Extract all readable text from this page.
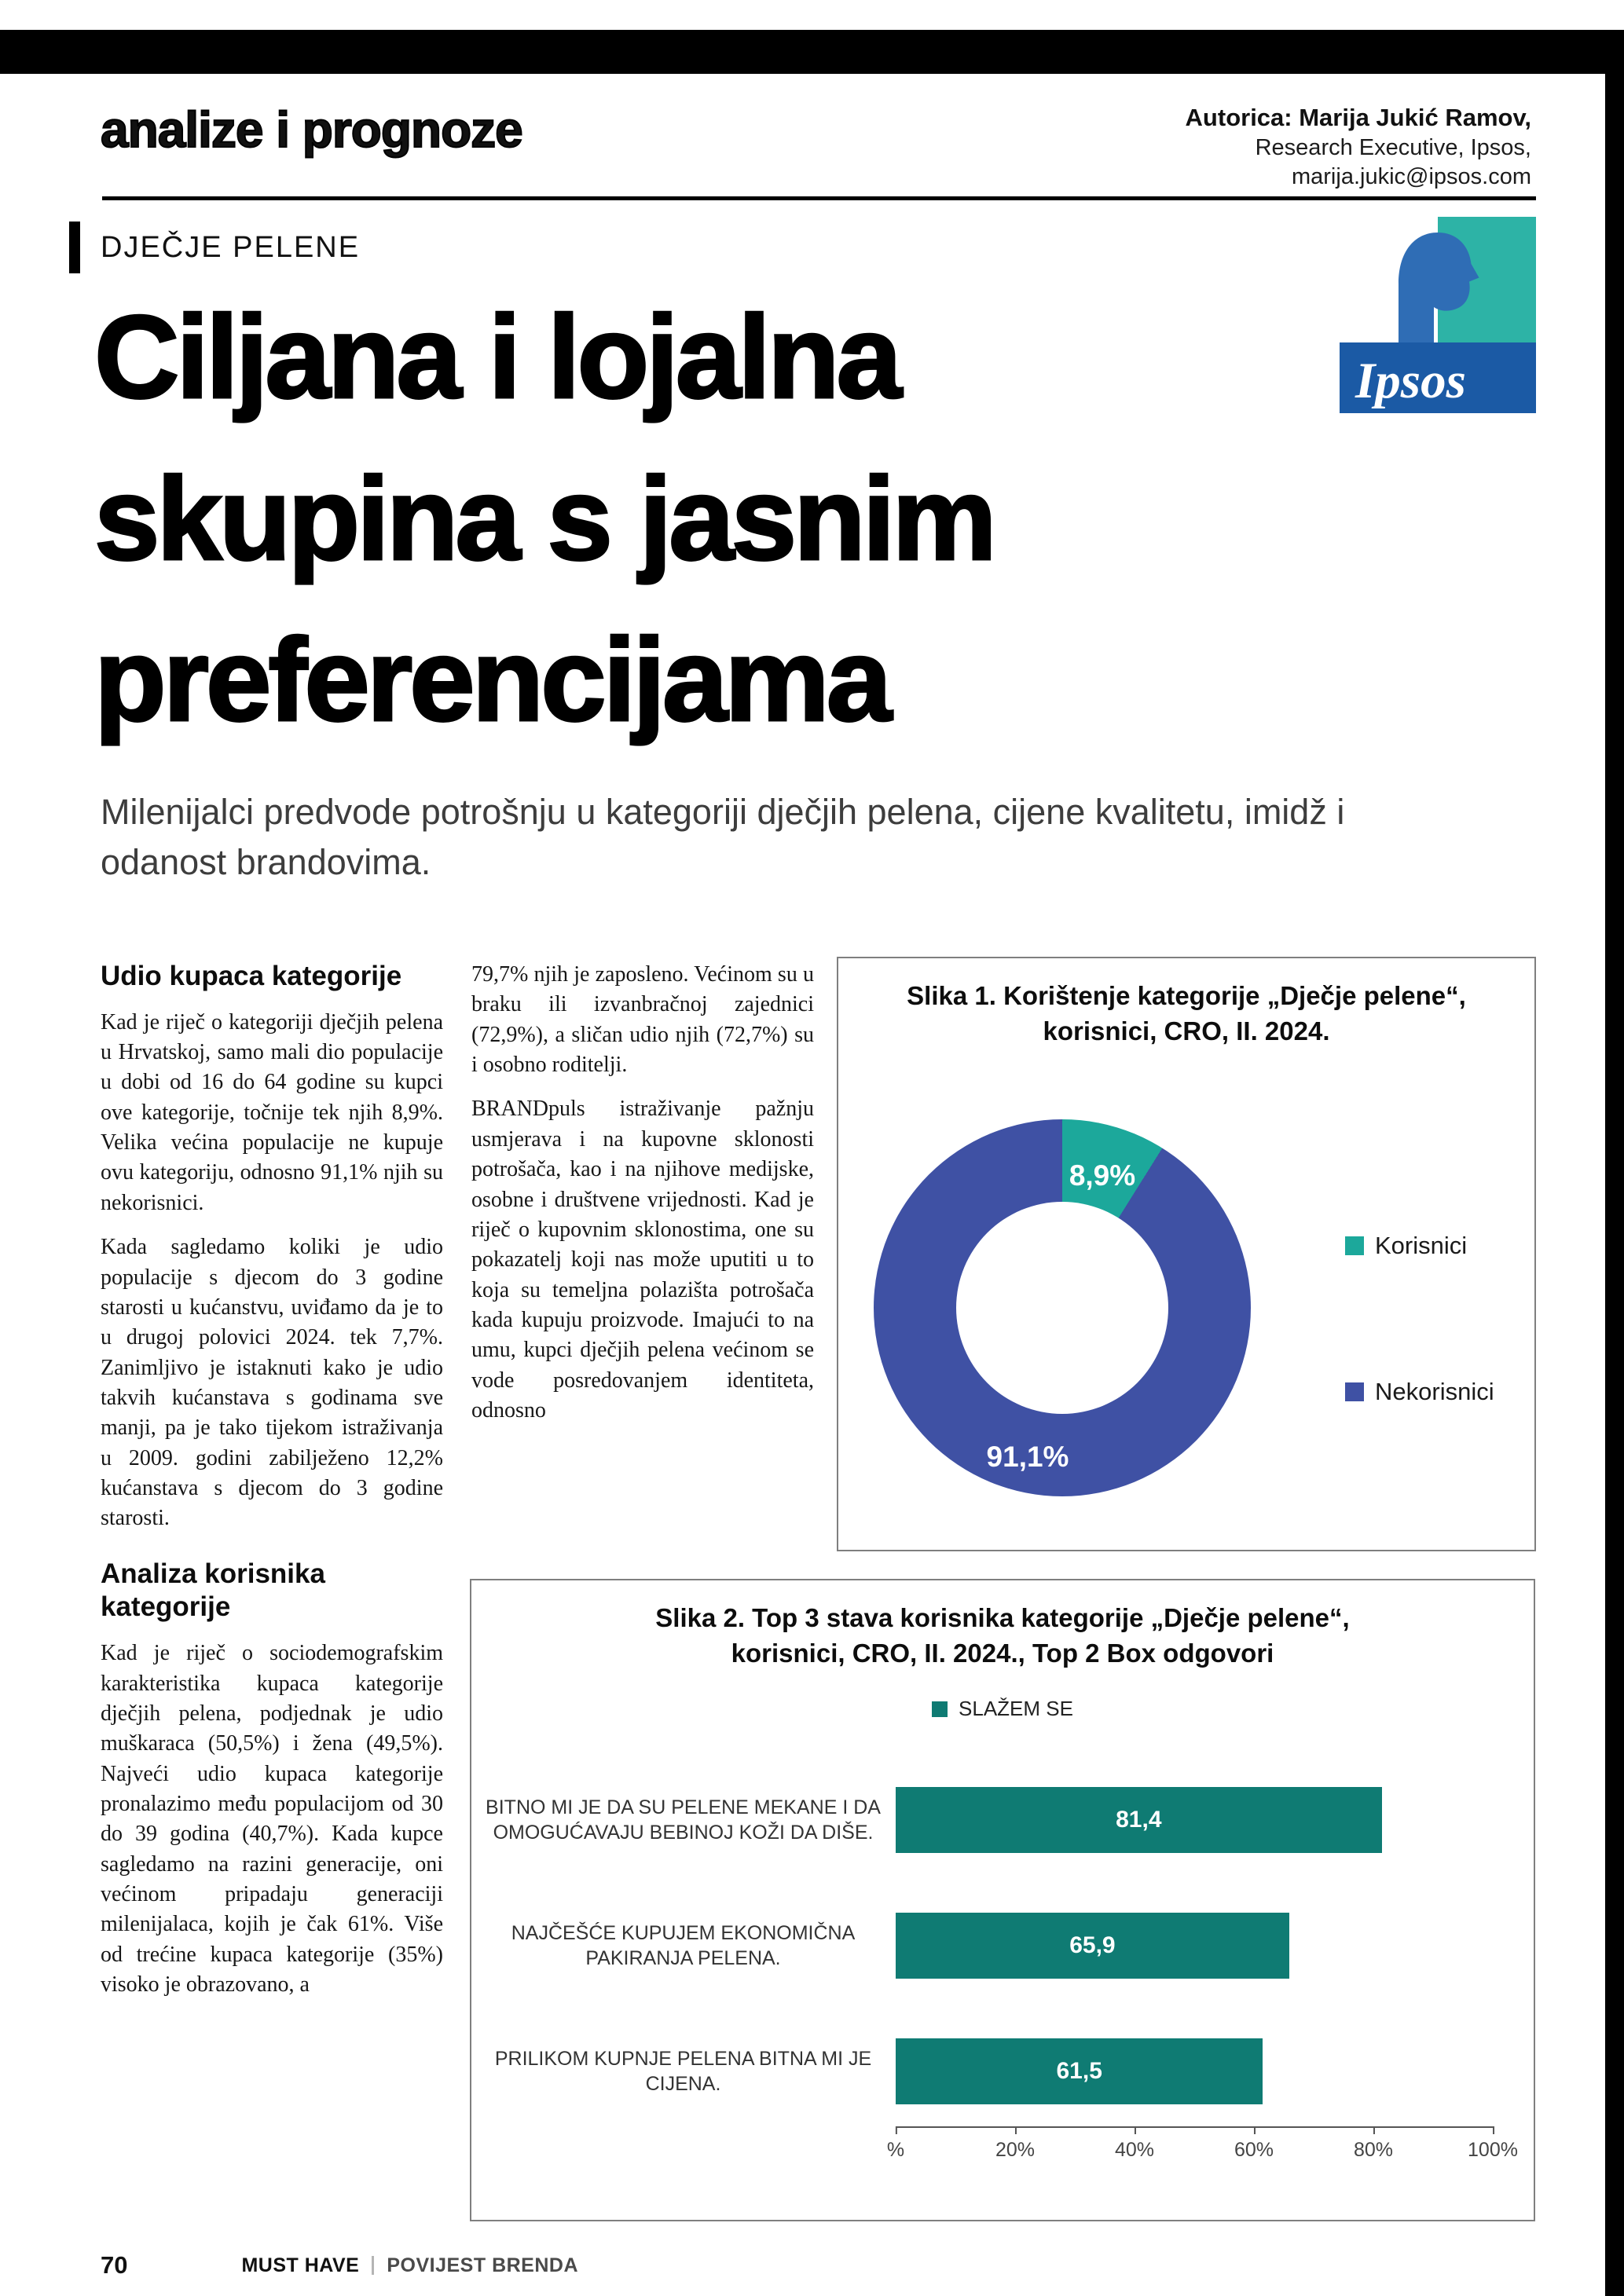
analize i prognoze	Autorica: Marija Jukić Ramov,
Research Executive, Ipsos,
marija.jukic@ipsos.com
DJEČJE PELENE
Ipsos
Ciljana i lojalna
skupina s jasnim
preferencijama

Milenijalci predvode potrošnju u kategoriji dječjih pelena, cijene kvalitetu, imidž i odanost brandovima.

Udio kupaca kategorije

Kad je riječ o kategoriji dječjih pelena u Hrvatskoj, samo mali dio populacije u dobi od 16 do 64 godine su kupci ove kategorije, točnije tek njih 8,9%. Velika većina populacije ne kupuje ovu kategoriju, odnosno 91,1% njih su nekorisnici.

Kada sagledamo koliki je udio populacije s djecom do 3 godine starosti u kućanstvu, uviđamo da je to u drugoj polovici 2024. tek 7,7%. Zanimljivo je istaknuti kako je udio takvih kućanstava s godinama sve manji, pa je tako tijekom istraživanja u 2009. godini zabilježeno 12,2% kućanstava s djecom do 3 godine starosti.

Analiza korisnika kategorije

Kad je riječ o sociodemografskim karakteristika kupaca kategorije dječjih pelena, podjednak je udio muškaraca (50,5%) i žena (49,5%). Najveći udio kupaca kategorije pronalazimo među populacijom od 30 do 39 godina (40,7%). Kada kupce sagledamo na razini generacije, oni većinom pripadaju generaciji milenijalaca, kojih je čak 61%. Više od trećine kupaca kategorije (35%) visoko je obrazovano, a

79,7% njih je zaposleno. Većinom su u braku ili izvanbračnoj zajednici (72,9%), a sličan udio njih (72,7%) su i osobno roditelji.

BRANDpuls istraživanje pažnju usmjerava i na kupovne sklonosti potrošača, kao i na njihove medijske, osobne i društvene vrijednosti. Kad je riječ o kupovnim sklonostima, one su pokazatelj koji nas može uputiti u to koja su temeljna polazišta potrošača kada kupuju proizvode. Imajući to na umu, kupci dječjih pelena većinom se vode posredovanjem identiteta, odnosno

Slika 1. Korištenje kategorije „Dječje pelene“,
korisnici, CRO, II. 2024.
8,9%
91,1%
Korisnici
Nekorisnici
Slika 2. Top 3 stava korisnika kategorije „Dječje pelene“,
korisnici, CRO, II. 2024., Top 2 Box odgovori
SLAŽEM SE
BITNO MI JE DA SU PELENE MEKANE I DA OMOGUĆAVAJU BEBINOJ KOŽI DA DIŠE.	81,4
NAJČEŠĆE KUPUJEM EKONOMIČNA PAKIRANJA PELENA.	65,9
PRILIKOM KUPNJE PELENA BITNA MI JE CIJENA.	61,5
%	20%	40%	60%	80%	100%
70	MUST HAVE POVIJEST BRENDA
